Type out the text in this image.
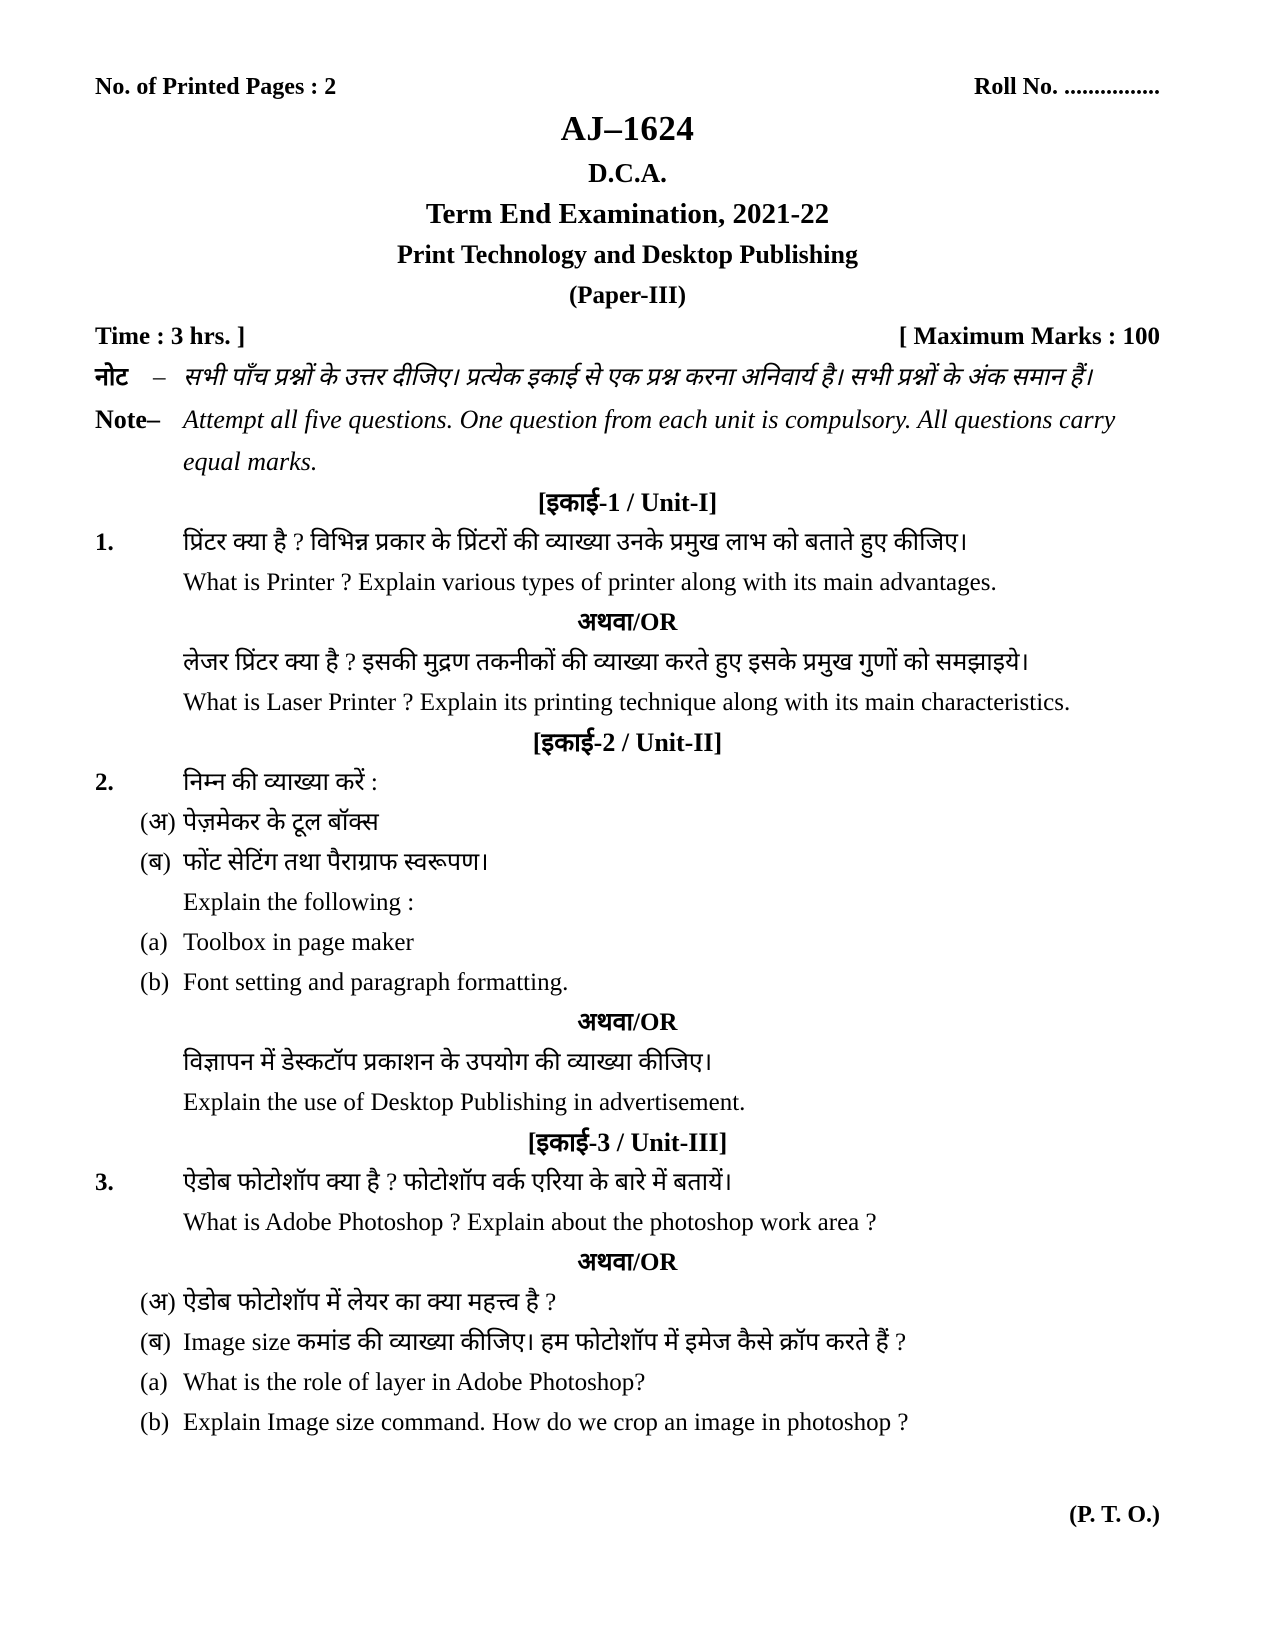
No. of Printed Pages : 2	Roll No. ................
AJ–1624
D.C.A.
Term End Examination, 2021-22
Print Technology and Desktop Publishing
(Paper-III)
Time : 3 hrs. ]	[ Maximum Marks : 100
नोट	– सभी पाँच प्रश्नों के उत्तर दीजिए। प्रत्येक इकाई से एक प्रश्न करना अनिवार्य है। सभी प्रश्नों के अंक समान हैं।
Note– Attempt all five questions. One question from each unit is compulsory. All questions carry equal marks.
[इकाई-1 / Unit-I]
1.	प्रिंटर क्या है ? विभिन्न प्रकार के प्रिंटरों की व्याख्या उनके प्रमुख लाभ को बताते हुए कीजिए।
What is Printer ? Explain various types of printer along with its main advantages.
अथवा/OR
लेजर प्रिंटर क्या है ? इसकी मुद्रण तकनीकों की व्याख्या करते हुए इसके प्रमुख गुणों को समझाइये।
What is Laser Printer ? Explain its printing technique along with its main characteristics.
[इकाई-2 / Unit-II]
2.	निम्न की व्याख्या करें :
(अ) पेज़मेकर के टूल बॉक्स
(ब) फोंट सेटिंग तथा पैराग्राफ स्वरूपण।
Explain the following :
(a) Toolbox in page maker
(b) Font setting and paragraph formatting.
अथवा/OR
विज्ञापन में डेस्कटॉप प्रकाशन के उपयोग की व्याख्या कीजिए।
Explain the use of Desktop Publishing in advertisement.
[इकाई-3 / Unit-III]
3.	ऐडोब फोटोशॉप क्या है ? फोटोशॉप वर्क एरिया के बारे में बतायें।
What is Adobe Photoshop ? Explain about the photoshop work area ?
अथवा/OR
(अ) ऐडोब फोटोशॉप में लेयर का क्या महत्त्व है ?
(ब) Image size कमांड की व्याख्या कीजिए। हम फोटोशॉप में इमेज कैसे क्रॉप करते हैं ?
(a) What is the role of layer in Adobe Photoshop?
(b) Explain Image size command. How do we crop an image in photoshop ?
(P. T. O.)
